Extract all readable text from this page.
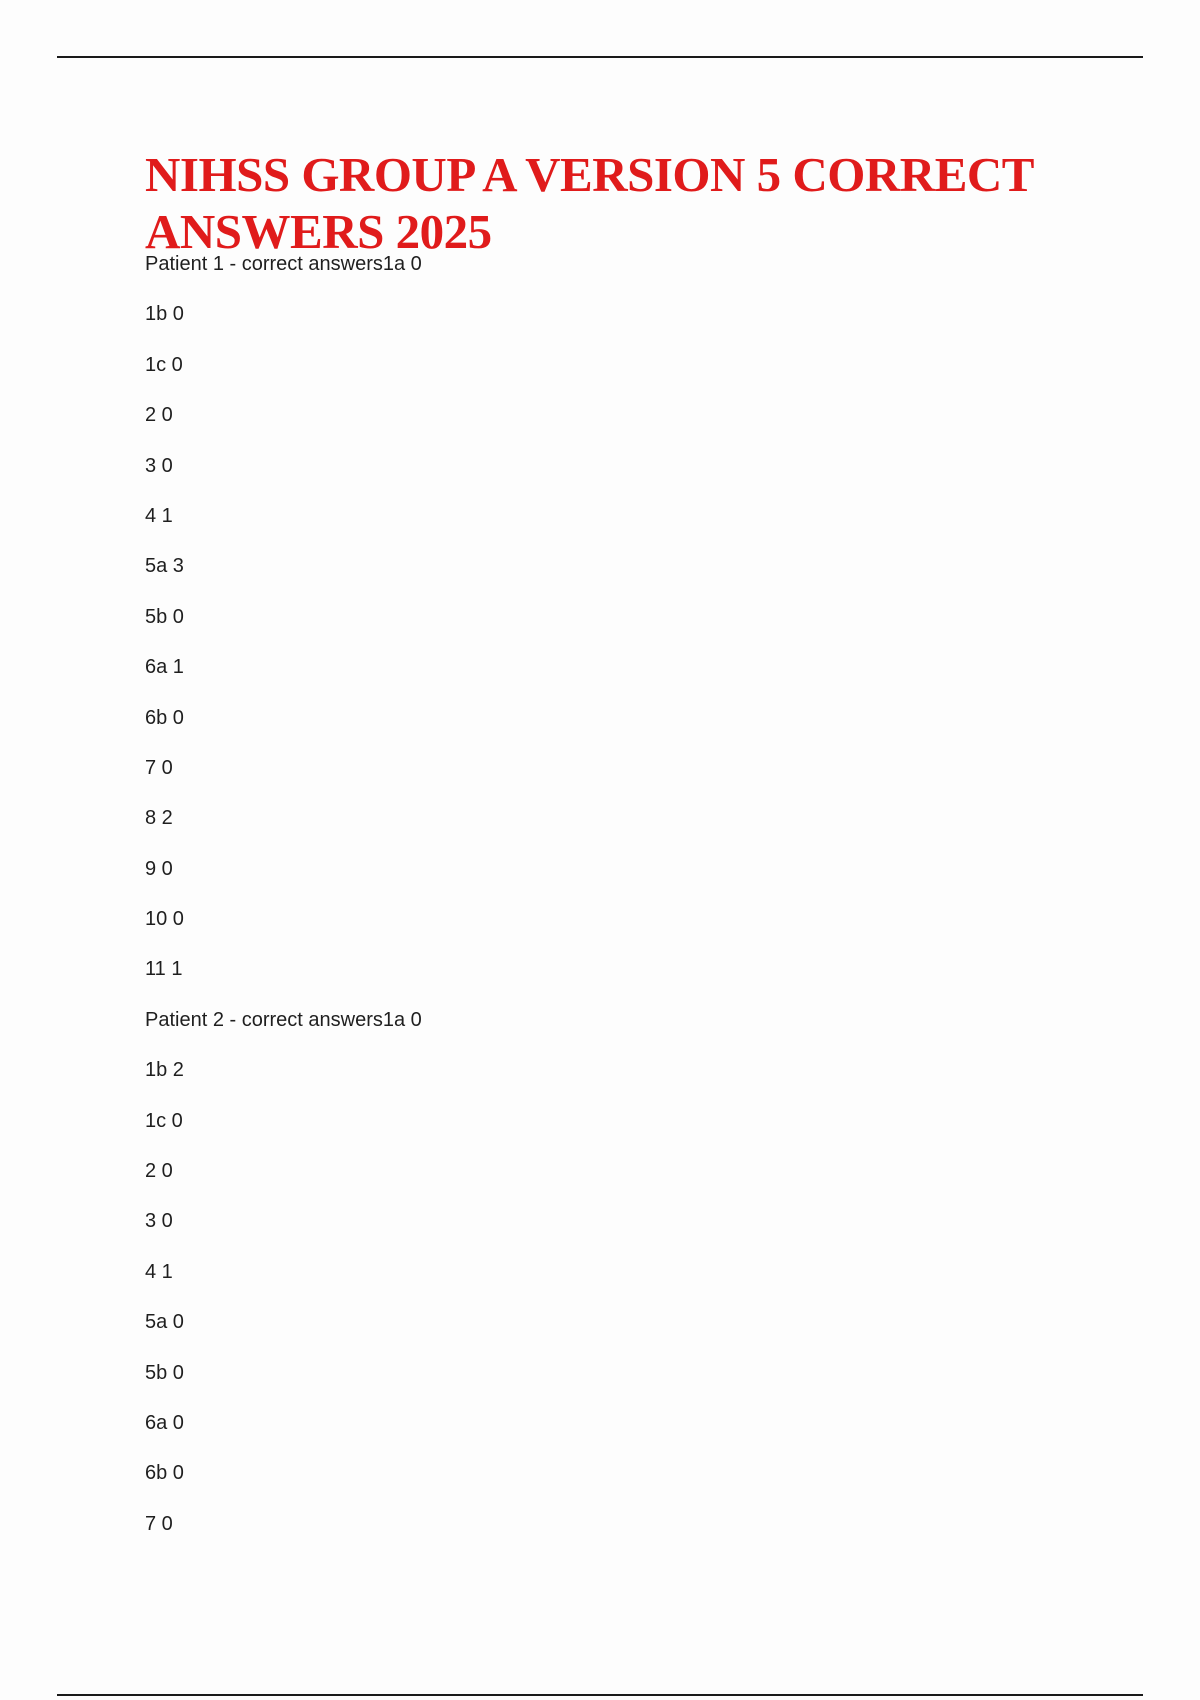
NIHSS GROUP A VERSION 5 CORRECT ANSWERS 2025
Patient 1 - correct answers1a 0
1b 0
1c 0
2 0
3 0
4 1
5a 3
5b 0
6a 1
6b 0
7 0
8 2
9 0
10 0
11 1
Patient 2 - correct answers1a 0
1b 2
1c 0
2 0
3 0
4 1
5a 0
5b 0
6a 0
6b 0
7 0
